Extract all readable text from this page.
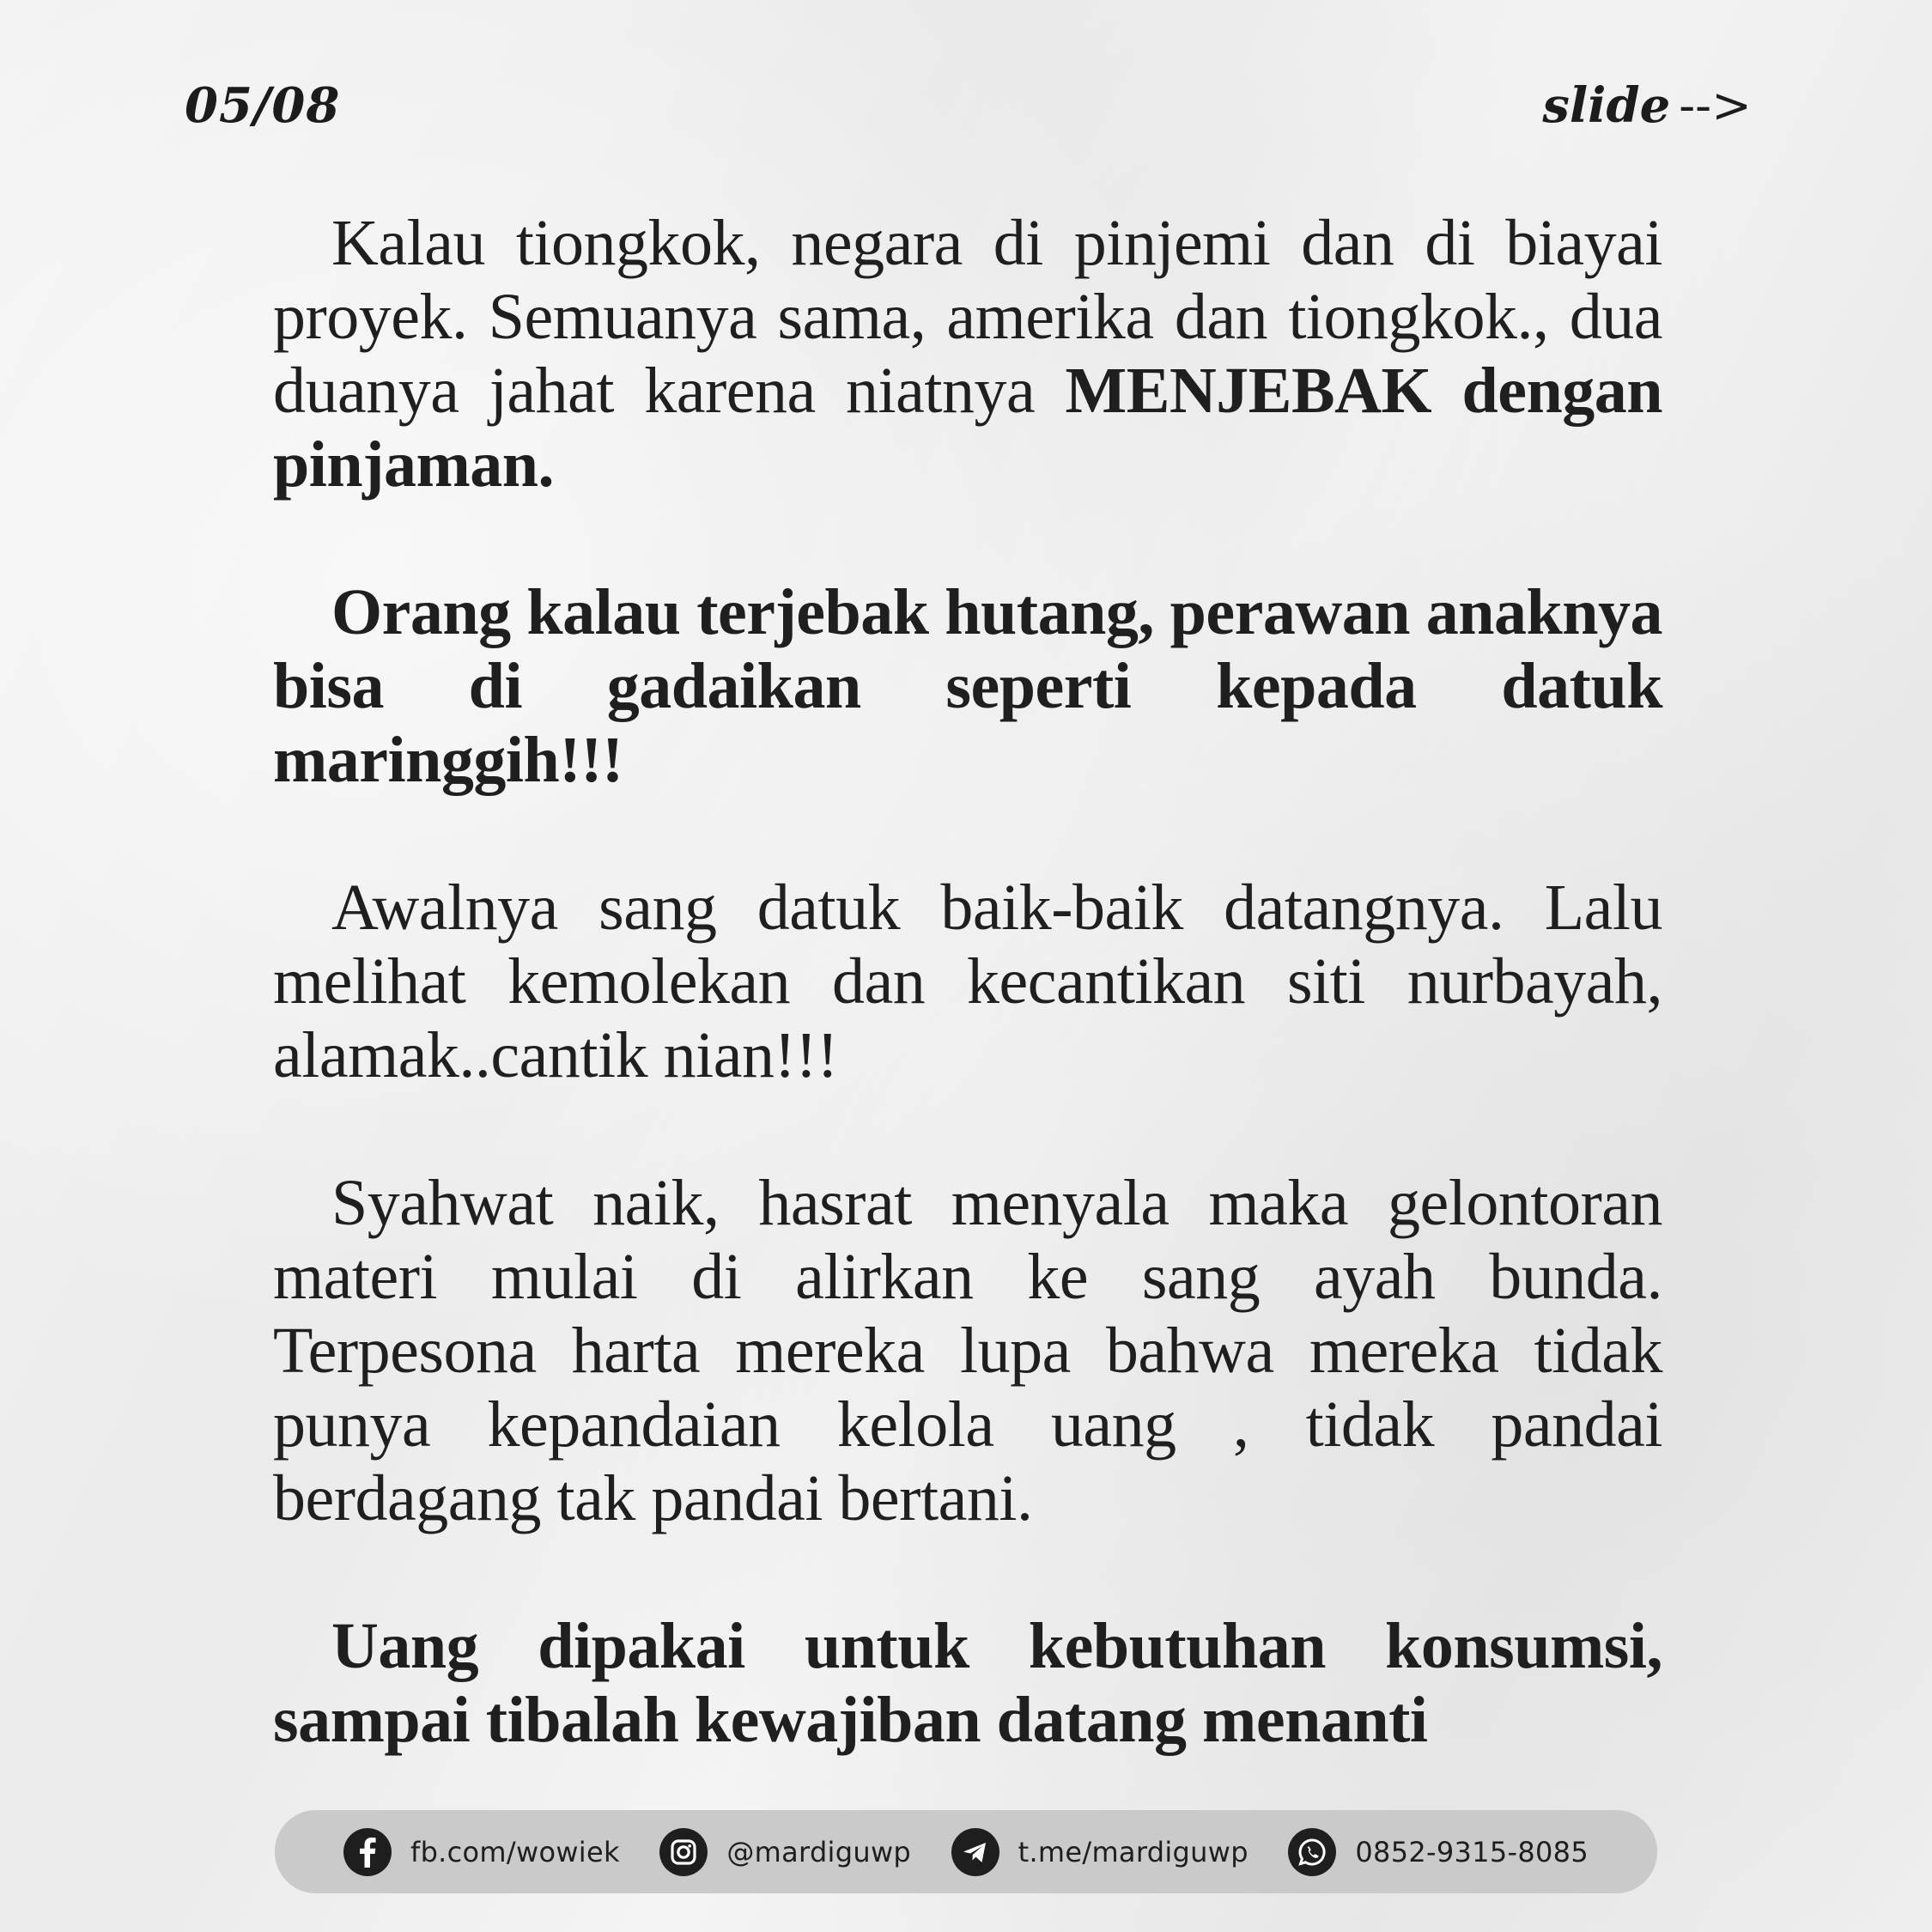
05/08	slide -->

Kalau tiongkok, negara di pinjemi dan di biayai proyek. Semuanya sama, amerika dan tiongkok., dua duanya jahat karena niatnya MENJEBAK dengan pinjaman.

Orang kalau terjebak hutang, perawan anaknya bisa di gadaikan seperti kepada datuk maringgih!!!

Awalnya sang datuk baik-baik datangnya. Lalu melihat kemolekan dan kecantikan siti nurbayah, alamak..cantik nian!!!

Syahwat naik, hasrat menyala maka gelontoran materi mulai di alirkan ke sang ayah bunda. Terpesona harta mereka lupa bahwa mereka tidak punya kepandaian kelola uang , tidak pandai berdagang tak pandai bertani.

Uang dipakai untuk kebutuhan konsumsi, sampai tibalah kewajiban datang menanti

fb.com/wowiek	@mardiguwp	t.me/mardiguwp	0852-9315-8085
